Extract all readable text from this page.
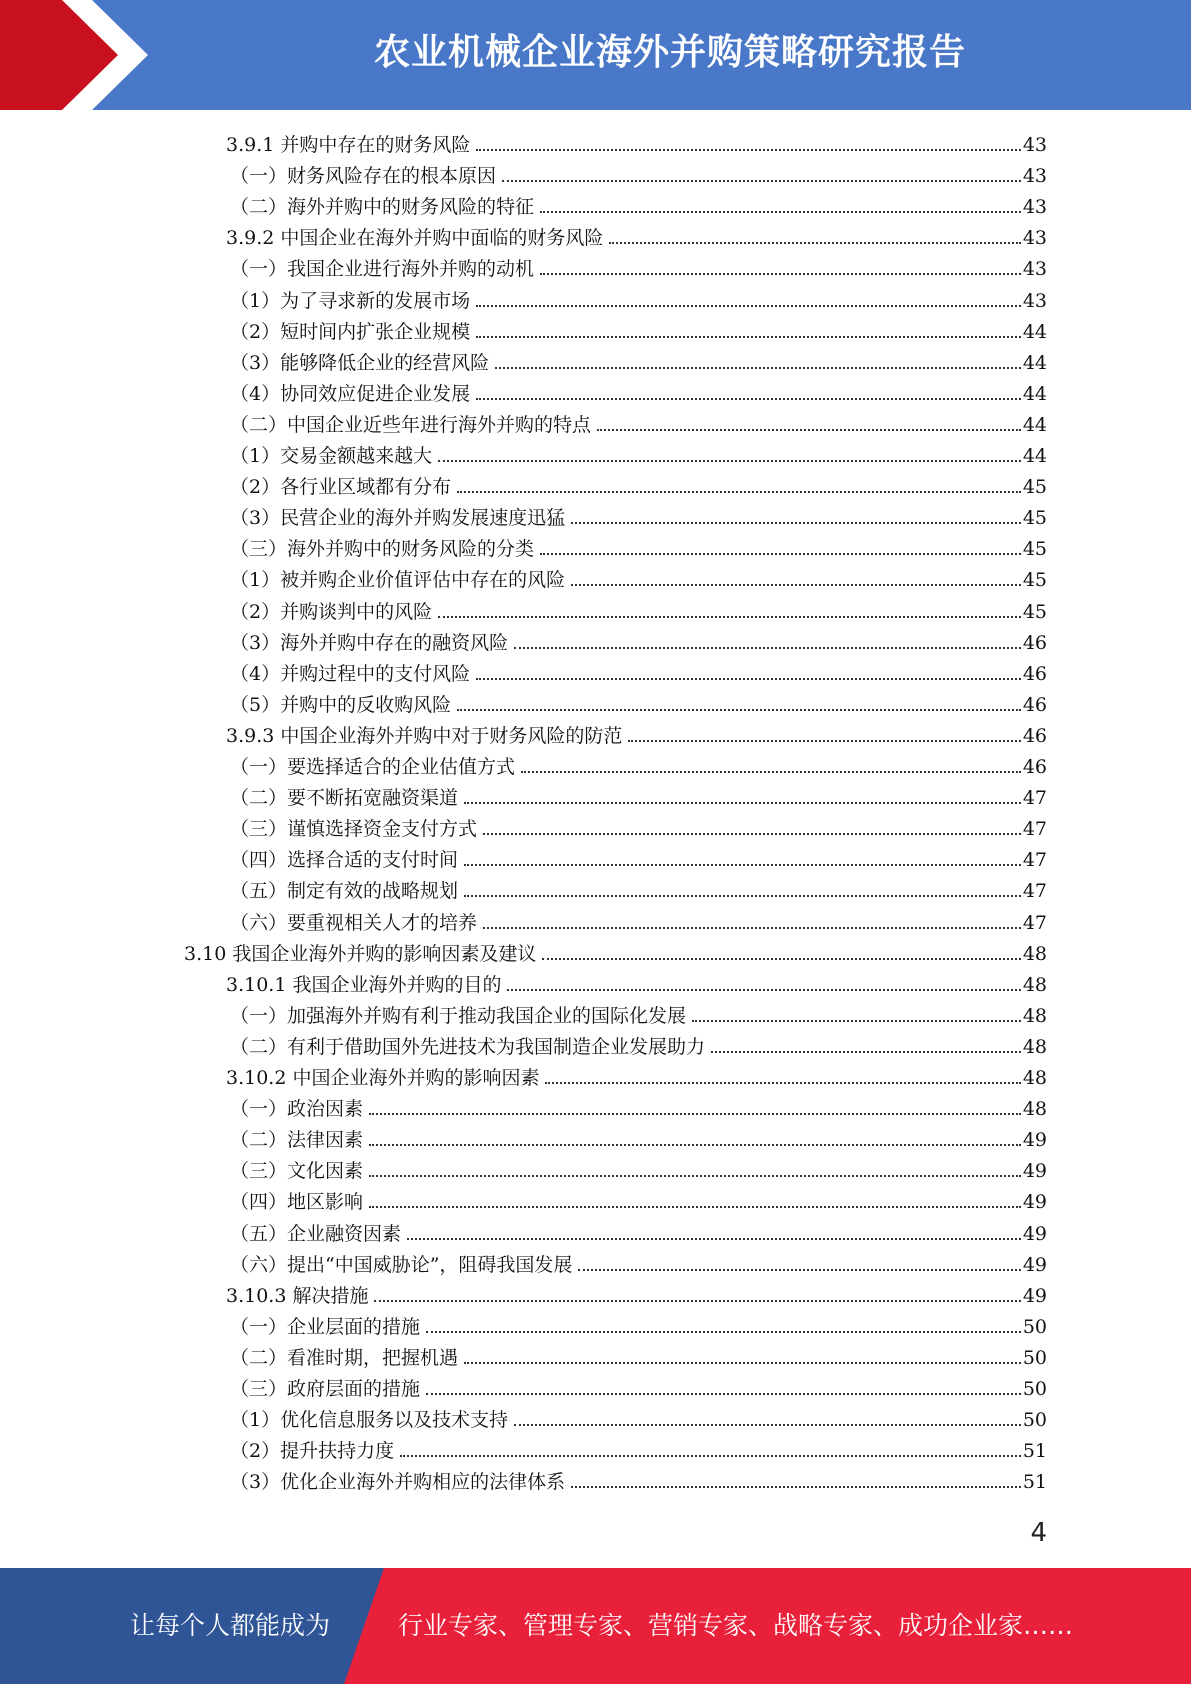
农业机械企业海外并购策略研究报告
3.9.1 并购中存在的财务风险	43
（一）财务风险存在的根本原因	43
（二）海外并购中的财务风险的特征	43
3.9.2 中国企业在海外并购中面临的财务风险	43
（一）我国企业进行海外并购的动机	43
（1）为了寻求新的发展市场	43
（2）短时间内扩张企业规模	44
（3）能够降低企业的经营风险	44
（4）协同效应促进企业发展	44
（二）中国企业近些年进行海外并购的特点	44
（1）交易金额越来越大	44
（2）各行业区域都有分布	45
（3）民营企业的海外并购发展速度迅猛	45
（三）海外并购中的财务风险的分类	45
（1）被并购企业价值评估中存在的风险	45
（2）并购谈判中的风险	45
（3）海外并购中存在的融资风险	46
（4）并购过程中的支付风险	46
（5）并购中的反收购风险	46
3.9.3 中国企业海外并购中对于财务风险的防范	46
（一）要选择适合的企业估值方式	46
（二）要不断拓宽融资渠道	47
（三）谨慎选择资金支付方式	47
（四）选择合适的支付时间	47
（五）制定有效的战略规划	47
（六）要重视相关人才的培养	47
3.10 我国企业海外并购的影响因素及建议	48
3.10.1 我国企业海外并购的目的	48
（一）加强海外并购有利于推动我国企业的国际化发展	48
（二）有利于借助国外先进技术为我国制造企业发展助力	48
3.10.2 中国企业海外并购的影响因素	48
（一）政治因素	48
（二）法律因素	49
（三）文化因素	49
（四）地区影响	49
（五）企业融资因素	49
（六）提出“中国威胁论”，阻碍我国发展	49
3.10.3 解决措施	49
（一）企业层面的措施	50
（二）看准时期，把握机遇	50
（三）政府层面的措施	50
（1）优化信息服务以及技术支持	50
（2）提升扶持力度	51
（3）优化企业海外并购相应的法律体系	51
4
让每个人都能成为	行业专家、管理专家、营销专家、战略专家、成功企业家……
